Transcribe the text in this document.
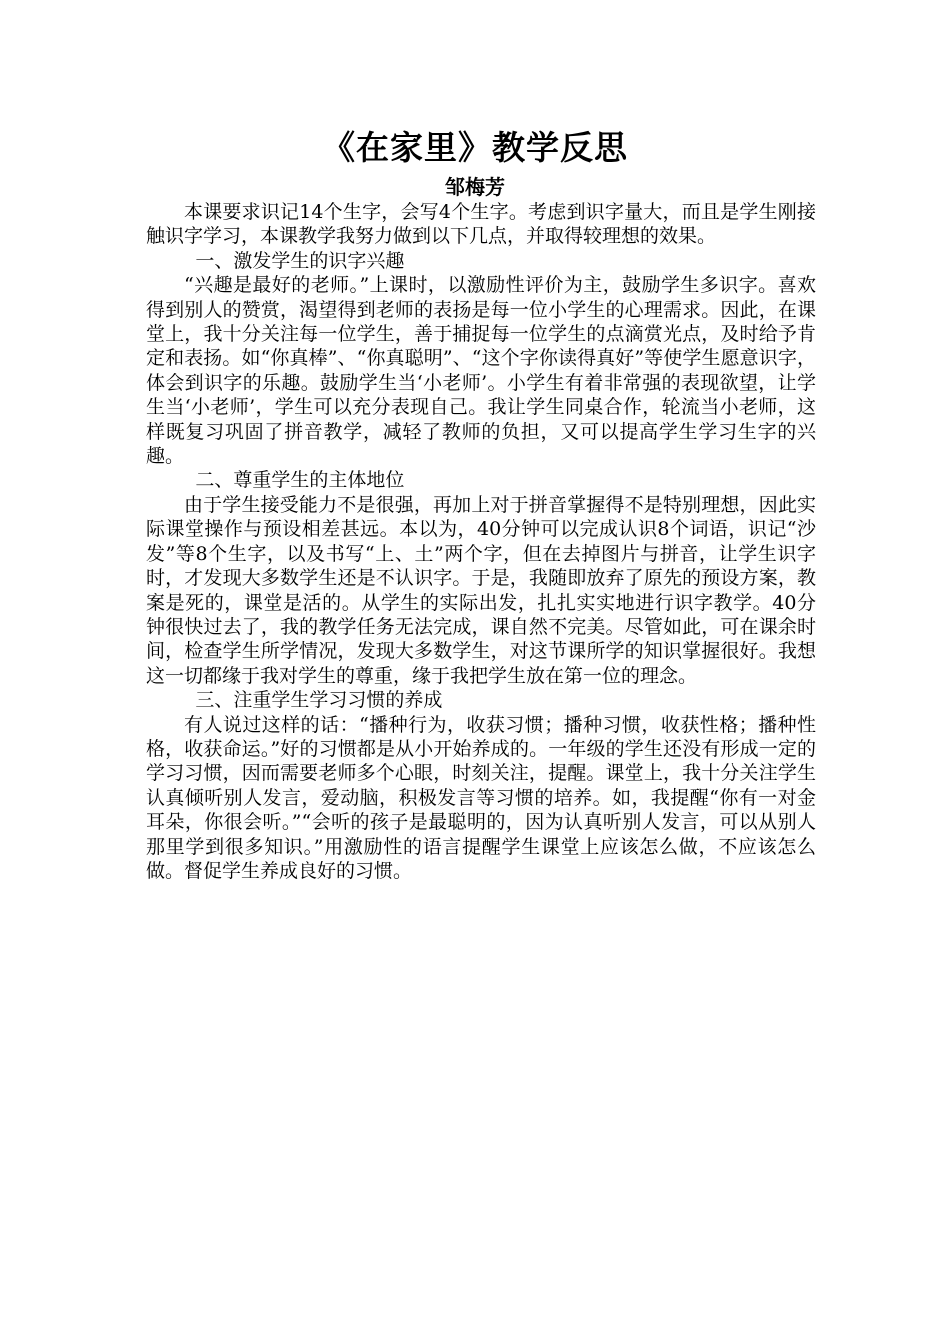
《在家里》教学反思
邹梅芳

本课要求识记14个生字，会写4个生字。考虑到识字量大，而且是学生刚接触识字学习，本课教学我努力做到以下几点，并取得较理想的效果。

一、激发学生的识字兴趣

“兴趣是最好的老师。”上课时，以激励性评价为主，鼓励学生多识字。喜欢得到别人的赞赏，渴望得到老师的表扬是每一位小学生的心理需求。因此，在课堂上，我十分关注每一位学生，善于捕捉每一位学生的点滴赏光点，及时给予肯定和表扬。如“你真棒”、“你真聪明”、“这个字你读得真好”等使学生愿意识字，体会到识字的乐趣。鼓励学生当‘小老师’。小学生有着非常强的表现欲望，让学生当‘小老师’，学生可以充分表现自己。我让学生同桌合作，轮流当小老师，这样既复习巩固了拼音教学，减轻了教师的负担，又可以提高学生学习生字的兴趣。

二、尊重学生的主体地位

由于学生接受能力不是很强，再加上对于拼音掌握得不是特别理想，因此实际课堂操作与预设相差甚远。本以为，40分钟可以完成认识8个词语，识记“沙发”等8个生字，以及书写“上、土”两个字，但在去掉图片与拼音，让学生识字时，才发现大多数学生还是不认识字。于是，我随即放弃了原先的预设方案，教案是死的，课堂是活的。从学生的实际出发，扎扎实实地进行识字教学。40分钟很快过去了，我的教学任务无法完成，课自然不完美。尽管如此，可在课余时间，检查学生所学情况，发现大多数学生，对这节课所学的知识掌握很好。我想这一切都缘于我对学生的尊重，缘于我把学生放在第一位的理念。

三、注重学生学习习惯的养成

有人说过这样的话：“播种行为，收获习惯；播种习惯，收获性格；播种性格，收获命运。”好的习惯都是从小开始养成的。一年级的学生还没有形成一定的学习习惯，因而需要老师多个心眼，时刻关注，提醒。课堂上，我十分关注学生认真倾听别人发言，爱动脑，积极发言等习惯的培养。如，我提醒“你有一对金耳朵，你很会听。”“会听的孩子是最聪明的，因为认真听别人发言，可以从别人那里学到很多知识。”用激励性的语言提醒学生课堂上应该怎么做，不应该怎么做。督促学生养成良好的习惯。
